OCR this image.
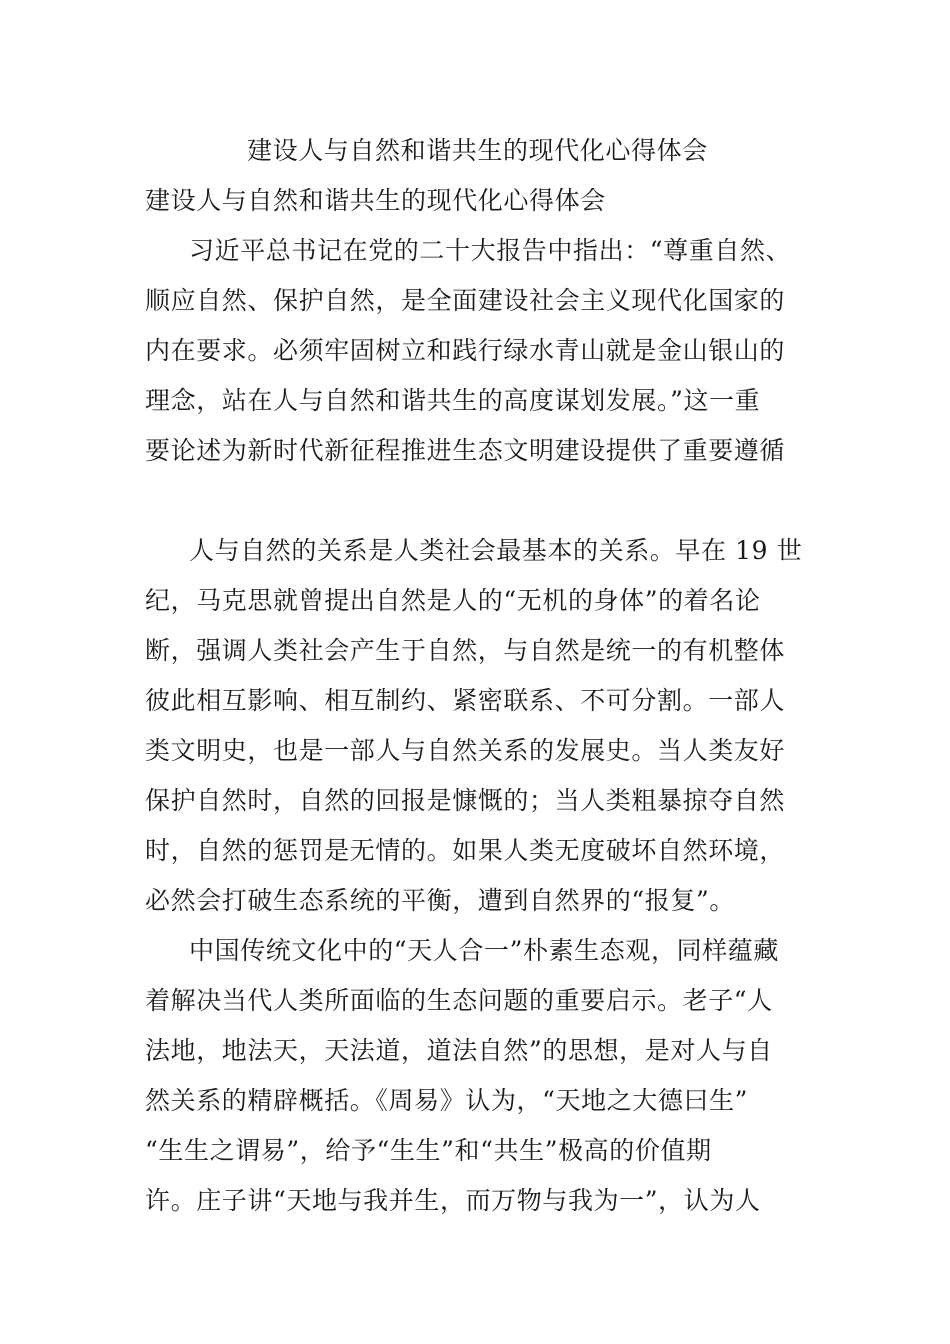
建设人与自然和谐共生的现代化心得体会
建设人与自然和谐共生的现代化心得体会
习近平总书记在党的二十大报告中指出：“尊重自然、
顺应自然、保护自然，是全面建设社会主义现代化国家的
内在要求。必须牢固树立和践行绿水青山就是金山银山的
理念，站在人与自然和谐共生的高度谋划发展。”这一重
要论述为新时代新征程推进生态文明建设提供了重要遵循
人与自然的关系是人类社会最基本的关系。早在 19 世
纪，马克思就曾提出自然是人的“无机的身体”的着名论
断，强调人类社会产生于自然，与自然是统一的有机整体
彼此相互影响、相互制约、紧密联系、不可分割。一部人
类文明史，也是一部人与自然关系的发展史。当人类友好
保护自然时，自然的回报是慷慨的；当人类粗暴掠夺自然
时，自然的惩罚是无情的。如果人类无度破坏自然环境，
必然会打破生态系统的平衡，遭到自然界的“报复”。
中国传统文化中的“天人合一”朴素生态观，同样蕴藏
着解决当代人类所面临的生态问题的重要启示。老子“人
法地，地法天，天法道，道法自然”的思想，是对人与自
然关系的精辟概括。《周易》认为，“天地之大德曰生”
“生生之谓易”，给予“生生”和“共生”极高的价值期
许。庄子讲“天地与我并生，而万物与我为一”，认为人
